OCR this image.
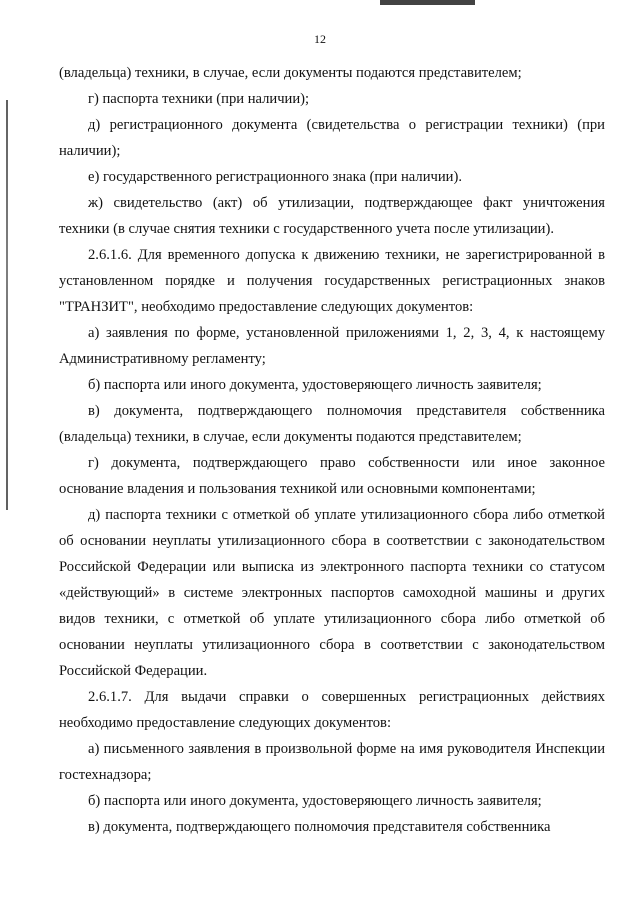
12

(владельца) техники, в случае, если документы подаются представителем;

г) паспорта техники (при наличии);

д) регистрационного документа (свидетельства о регистрации техники) (при наличии);

е) государственного регистрационного знака (при наличии).

ж) свидетельство (акт) об утилизации, подтверждающее факт уничтожения техники (в случае снятия техники с государственного учета после утилизации).

2.6.1.6. Для временного допуска к движению техники, не зарегистрированной в установленном порядке и получения государственных регистрационных знаков "ТРАНЗИТ", необходимо предоставление следующих документов:

а) заявления по форме, установленной приложениями 1, 2, 3, 4, к настоящему Административному регламенту;

б) паспорта или иного документа, удостоверяющего личность заявителя;

в) документа, подтверждающего полномочия представителя собственника (владельца) техники, в случае, если документы подаются представителем;

г) документа, подтверждающего право собственности или иное законное основание владения и пользования техникой или основными компонентами;

д) паспорта техники с отметкой об уплате утилизационного сбора либо отметкой об основании неуплаты утилизационного сбора в соответствии с законодательством Российской Федерации или выписка из электронного паспорта техники со статусом «действующий» в системе электронных паспортов самоходной машины и других видов техники, с отметкой об уплате утилизационного сбора либо отметкой об основании неуплаты утилизационного сбора в соответствии с законодательством Российской Федерации.

2.6.1.7. Для выдачи справки о совершенных регистрационных действиях необходимо предоставление следующих документов:

а) письменного заявления в произвольной форме на имя руководителя Инспекции гостехнадзора;

б) паспорта или иного документа, удостоверяющего личность заявителя;

в) документа, подтверждающего полномочия представителя собственника
